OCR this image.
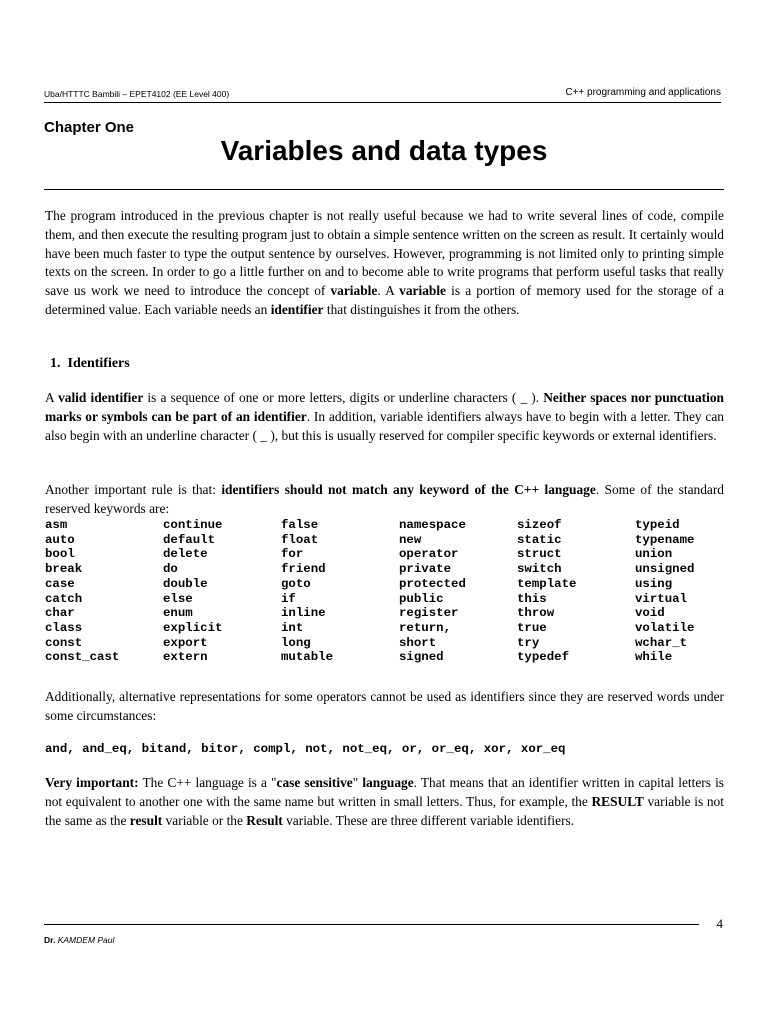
Uba/HTTTC Bambili – EPET4102 (EE Level 400)	C++ programming and applications
Chapter One
Variables and data types

The program introduced in the previous chapter is not really useful because we had to write several lines of code, compile them, and then execute the resulting program just to obtain a simple sentence written on the screen as result. It certainly would have been much faster to type the output sentence by ourselves. However, programming is not limited only to printing simple texts on the screen. In order to go a little further on and to become able to write programs that perform useful tasks that really save us work we need to introduce the concept of variable. A variable is a portion of memory used for the storage of a determined value. Each variable needs an identifier that distinguishes it from the others.

1. Identifiers

A valid identifier is a sequence of one or more letters, digits or underline characters ( _ ). Neither spaces nor punctuation marks or symbols can be part of an identifier. In addition, variable identifiers always have to begin with a letter. They can also begin with an underline character ( _ ), but this is usually reserved for compiler specific keywords or external identifiers.

Another important rule is that: identifiers should not match any keyword of the C++ language. Some of the standard reserved keywords are:

asm	continue	false	namespace	sizeof	typeid
auto	default	float	new	static	typename
bool	delete	for	operator	struct	union
break	do	friend	private	switch	unsigned
case	double	goto	protected	template	using
catch	else	if	public	this	virtual
char	enum	inline	register	throw	void
class	explicit	int	return,	true	volatile
const	export	long	short	try	wchar_t
const_cast	extern	mutable	signed	typedef	while

Additionally, alternative representations for some operators cannot be used as identifiers since they are reserved words under some circumstances:

and, and_eq, bitand, bitor, compl, not, not_eq, or, or_eq, xor, xor_eq

Very important: The C++ language is a "case sensitive" language. That means that an identifier written in capital letters is not equivalent to another one with the same name but written in small letters. Thus, for example, the RESULT variable is not the same as the result variable or the Result variable. These are three different variable identifiers.

4
Dr. KAMDEM Paul
